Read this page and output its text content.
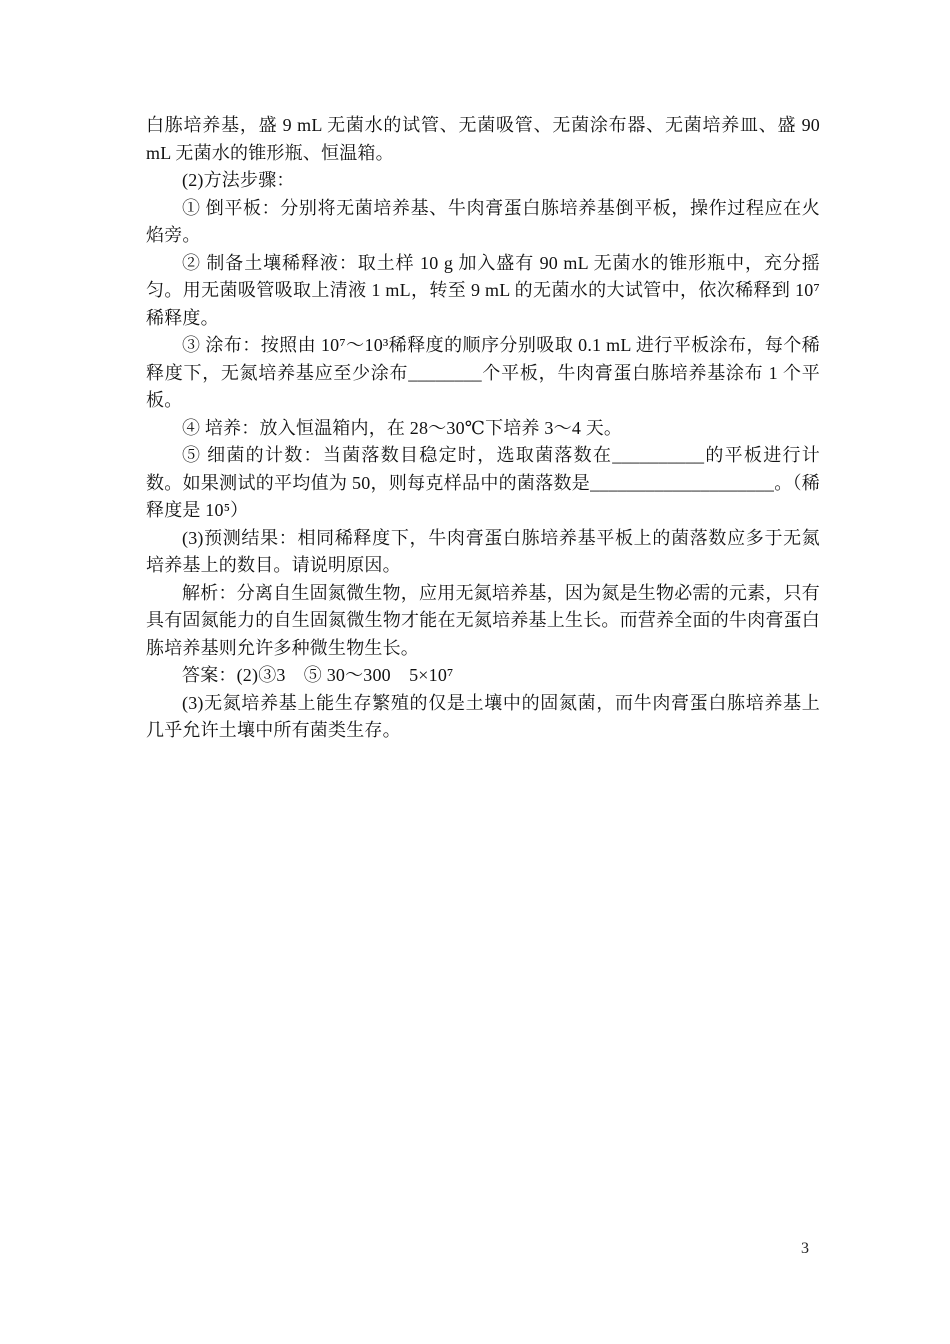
白胨培养基，盛 9 mL 无菌水的试管、无菌吸管、无菌涂布器、无菌培养皿、盛 90 mL 无菌水的锥形瓶、恒温箱。

(2)方法步骤：

① 倒平板：分别将无菌培养基、牛肉膏蛋白胨培养基倒平板，操作过程应在火焰旁。

② 制备土壤稀释液：取土样 10 g 加入盛有 90 mL 无菌水的锥形瓶中，充分摇匀。用无菌吸管吸取上清液 1 mL，转至 9 mL 的无菌水的大试管中，依次稀释到 10⁷稀释度。

③ 涂布：按照由 10⁷～10³稀释度的顺序分别吸取 0.1 mL 进行平板涂布，每个稀释度下，无氮培养基应至少涂布________个平板，牛肉膏蛋白胨培养基涂布 1 个平板。

④ 培养：放入恒温箱内，在 28～30℃下培养 3～4 天。

⑤ 细菌的计数：当菌落数目稳定时，选取菌落数在__________的平板进行计数。如果测试的平均值为 50，则每克样品中的菌落数是____________________。（稀释度是 10⁵）

(3)预测结果：相同稀释度下，牛肉膏蛋白胨培养基平板上的菌落数应多于无氮培养基上的数目。请说明原因。

解析：分离自生固氮微生物，应用无氮培养基，因为氮是生物必需的元素，只有具有固氮能力的自生固氮微生物才能在无氮培养基上生长。而营养全面的牛肉膏蛋白胨培养基则允许多种微生物生长。

答案：(2)③3　⑤ 30～300　5×10⁷

(3)无氮培养基上能生存繁殖的仅是土壤中的固氮菌，而牛肉膏蛋白胨培养基上几乎允许土壤中所有菌类生存。

3
